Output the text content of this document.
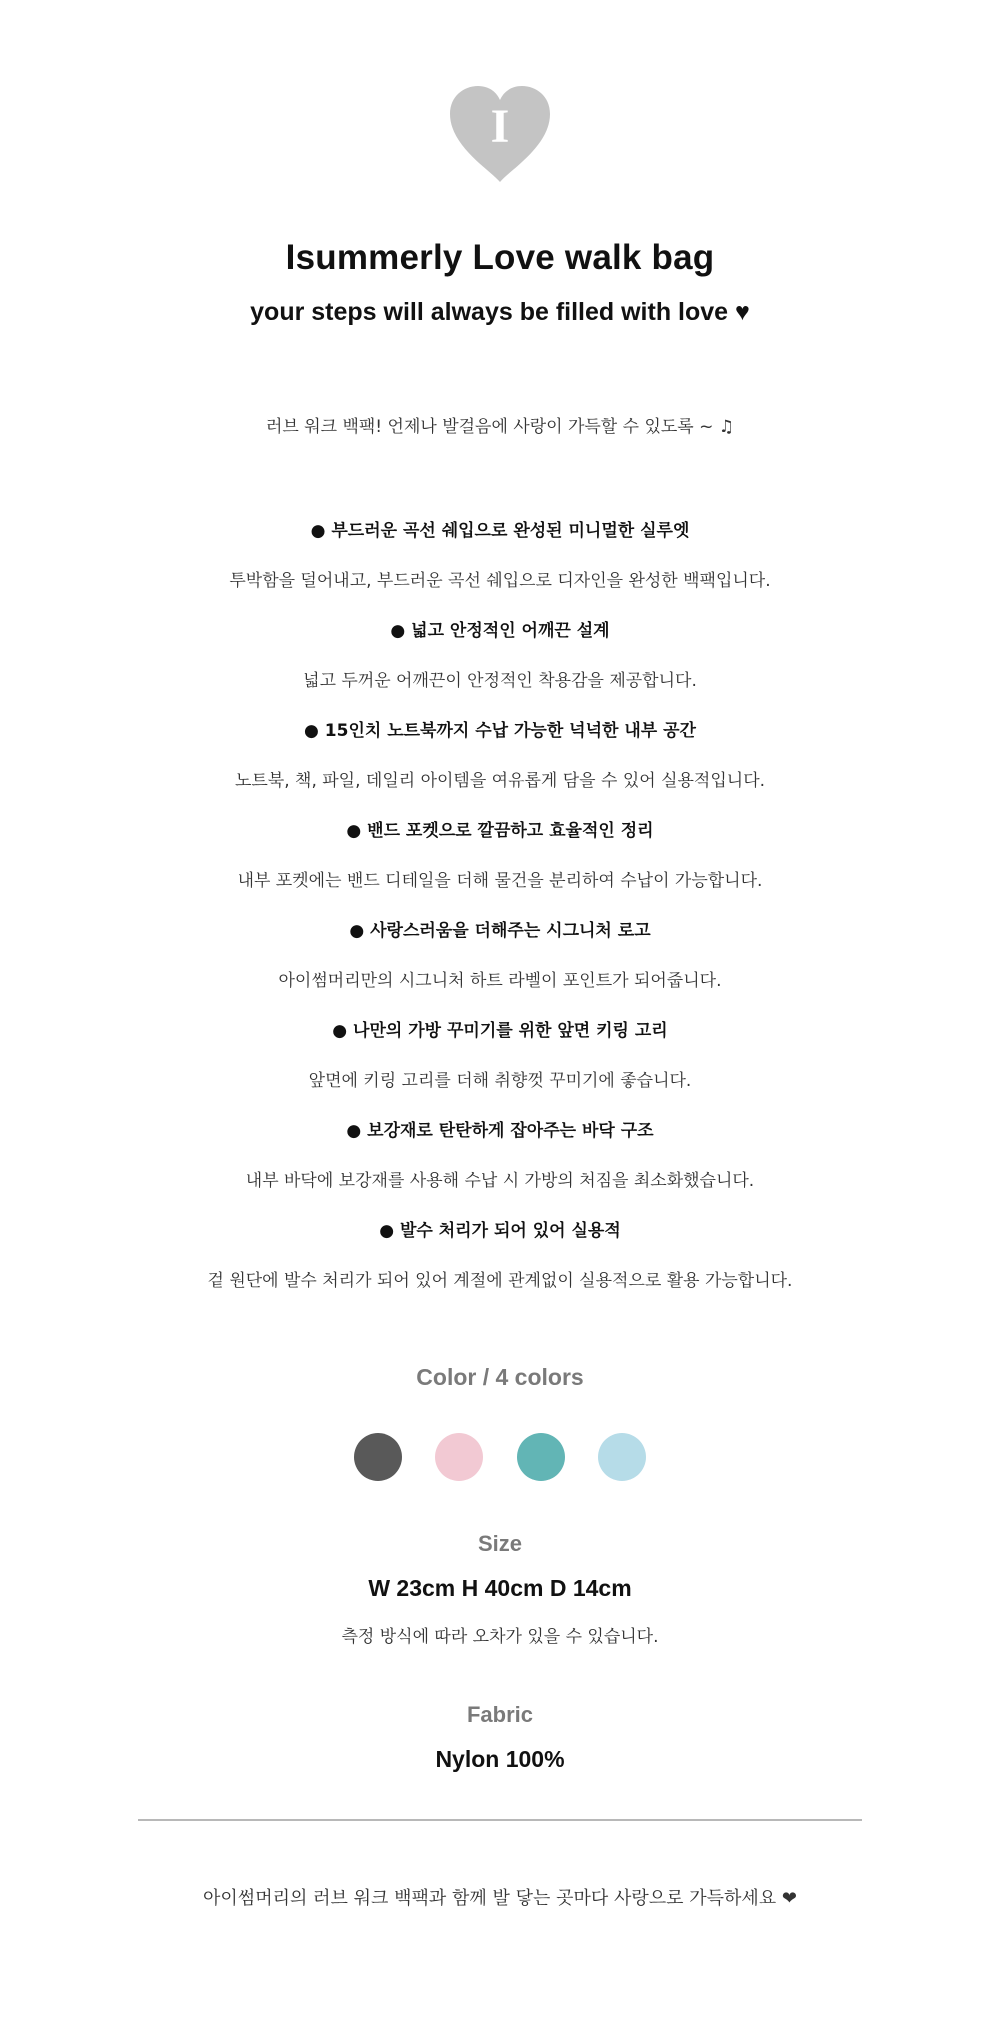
I
Isummerly Love walk bag
your steps will always be filled with love ♥
러브 워크 백팩! 언제나 발걸음에 사랑이 가득할 수 있도록 ~ ♫
● 부드러운 곡선 쉐입으로 완성된 미니멀한 실루엣
투박함을 덜어내고, 부드러운 곡선 쉐입으로 디자인을 완성한 백팩입니다.
● 넓고 안정적인 어깨끈 설계
넓고 두꺼운 어깨끈이 안정적인 착용감을 제공합니다.
● 15인치 노트북까지 수납 가능한 넉넉한 내부 공간
노트북, 책, 파일, 데일리 아이템을 여유롭게 담을 수 있어 실용적입니다.
● 밴드 포켓으로 깔끔하고 효율적인 정리
내부 포켓에는 밴드 디테일을 더해 물건을 분리하여 수납이 가능합니다.
● 사랑스러움을 더해주는 시그니처 로고
아이썸머리만의 시그니처 하트 라벨이 포인트가 되어줍니다.
● 나만의 가방 꾸미기를 위한 앞면 키링 고리
앞면에 키링 고리를 더해 취향껏 꾸미기에 좋습니다.
● 보강재로 탄탄하게 잡아주는 바닥 구조
내부 바닥에 보강재를 사용해 수납 시 가방의 처짐을 최소화했습니다.
● 발수 처리가 되어 있어 실용적
겉 원단에 발수 처리가 되어 있어 계절에 관계없이 실용적으로 활용 가능합니다.
Color / 4 colors
Size
W 23cm H 40cm D 14cm
측정 방식에 따라 오차가 있을 수 있습니다.
Fabric
Nylon 100%
아이썸머리의 러브 워크 백팩과 함께 발 닿는 곳마다 사랑으로 가득하세요 ❤
